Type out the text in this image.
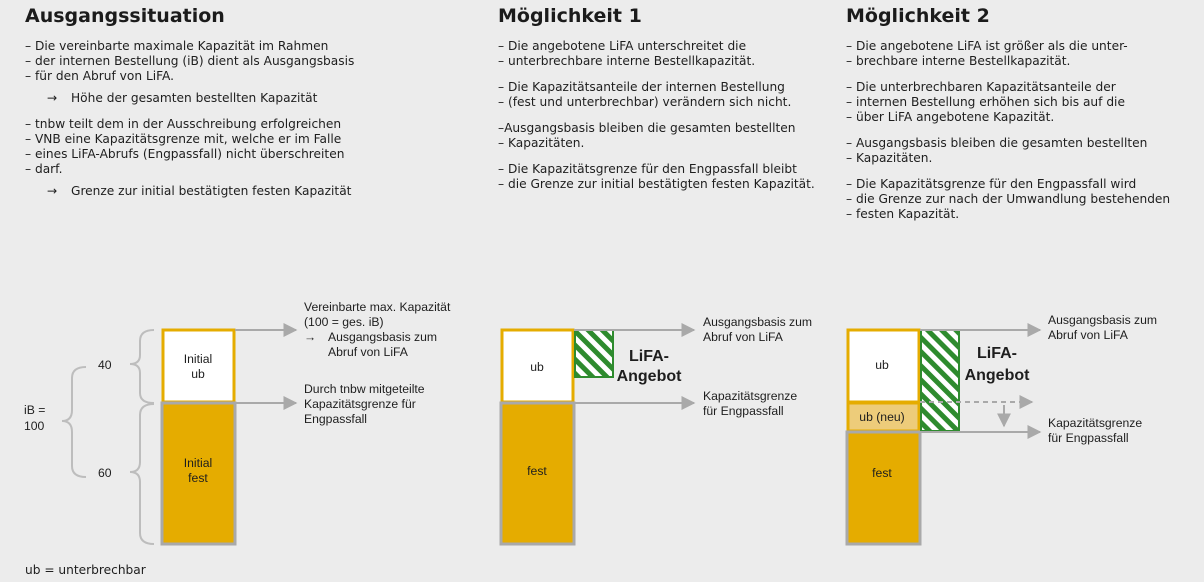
Ausgangssituation
– Die vereinbarte maximale Kapazität im Rahmen
– der internen Bestellung (iB) dient als Ausgangsbasis
– für den Abruf von LiFA.
→ Höhe der gesamten bestellten Kapazität
– tnbw teilt dem in der Ausschreibung erfolgreichen
– VNB eine Kapazitätsgrenze mit, welche er im Falle
– eines LiFA-Abrufs (Engpassfall) nicht überschreiten
– darf.
→ Grenze zur initial bestätigten festen Kapazität
Möglichkeit 1
– Die angebotene LiFA unterschreitet die
– unterbrechbare interne Bestellkapazität.
– Die Kapazitätsanteile der internen Bestellung
– (fest und unterbrechbar) verändern sich nicht.
–Ausgangsbasis bleiben die gesamten bestellten
– Kapazitäten.
– Die Kapazitätsgrenze für den Engpassfall bleibt
– die Grenze zur initial bestätigten festen Kapazität.
Möglichkeit 2
– Die angebotene LiFA ist größer als die unter-
– brechbare interne Bestellkapazität.
– Die unterbrechbaren Kapazitätsanteile der
– internen Bestellung erhöhen sich bis auf die
– über LiFA angebotene Kapazität.
– Ausgangsbasis bleiben die gesamten bestellten
– Kapazitäten.
– Die Kapazitätsgrenze für den Engpassfall wird
– die Grenze zur nach der Umwandlung bestehenden
– festen Kapazität.
iB =
100
40
60
Initial
ub
Initial
fest
Vereinbarte max. Kapazität
(100 = ges. iB)
→ Ausgangsbasis zum
Abruf von LiFA
Durch tnbw mitgeteilte
Kapazitätsgrenze für
Engpassfall
ub
fest
LiFA-
Angebot
Ausgangsbasis zum
Abruf von LiFA
Kapazitätsgrenze
für Engpassfall
ub
ub (neu)
fest
LiFA-
Angebot
Ausgangsbasis zum
Abruf von LiFA
Kapazitätsgrenze
für Engpassfall
ub = unterbrechbar
